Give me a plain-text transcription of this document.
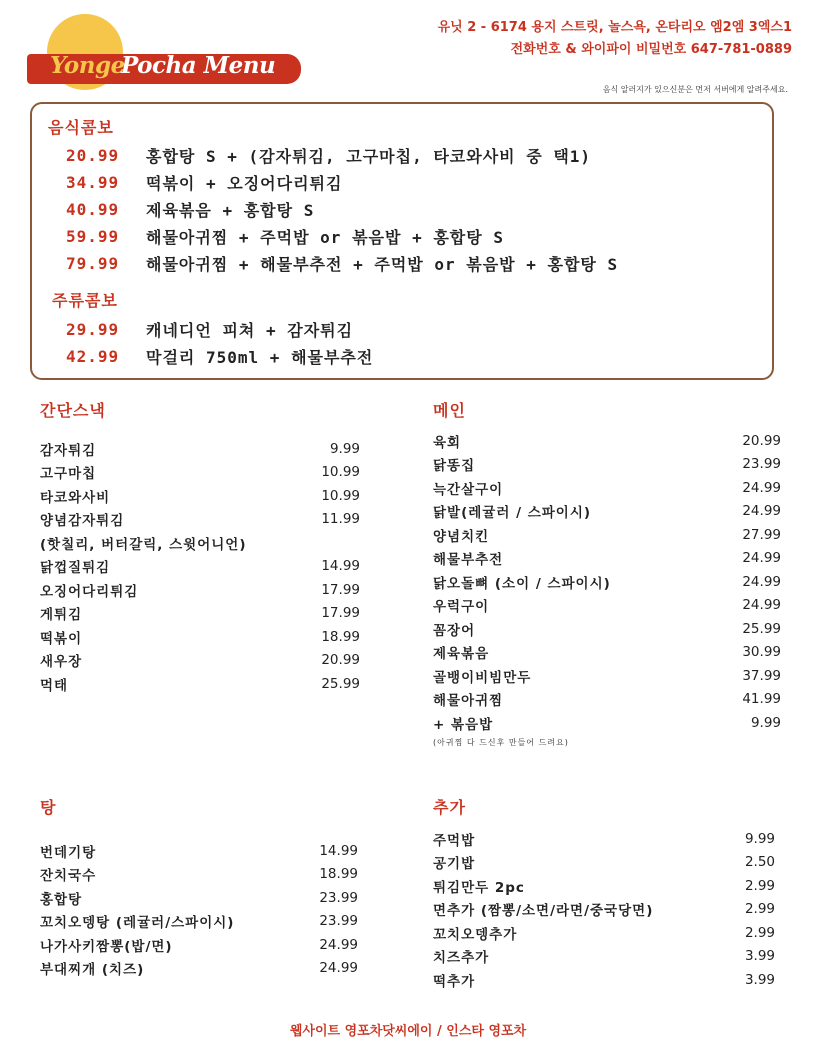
Yonge
Pocha Menu
유닛 2 - 6174 용지 스트릿, 놀스욕, 온타리오 엠2엠 3엑스1
전화번호 & 와이파이 비밀번호 647-781-0889
음식 알러지가 있으신분은 먼저 서버에게 알려주세요.
음식콤보
20.99	홍합탕 S + (감자튀김, 고구마칩, 타코와사비 중 택1)
34.99	떡볶이 + 오징어다리튀김
40.99	제육볶음 + 홍합탕 S
59.99	해물아귀찜 + 주먹밥 or 볶음밥 + 홍합탕 S
79.99	해물아귀찜 + 해물부추전 + 주먹밥 or 볶음밥 + 홍합탕 S
주류콤보
29.99	캐네디언 피쳐 + 감자튀김
42.99	막걸리 750ml + 해물부추전
간단스낵
감자튀김	9.99
고구마칩	10.99
타코와사비	10.99
양념감자튀김	11.99
(핫칠리, 버터갈릭, 스윗어니언)
닭껍질튀김	14.99
오징어다리튀김	17.99
게튀김	17.99
떡볶이	18.99
새우장	20.99
먹태	25.99
메인
육회	20.99
닭똥집	23.99
늑간살구이	24.99
닭발(레귤러 / 스파이시)	24.99
양념치킨	27.99
해물부추전	24.99
닭오돌뼈 (소이 / 스파이시)	24.99
우럭구이	24.99
꼼장어	25.99
제육볶음	30.99
골뱅이비빔만두	37.99
해물아귀찜	41.99
+ 볶음밥	9.99
(아귀찜 다 드신후 만들어 드려요)
탕
번데기탕	14.99
잔치국수	18.99
홍합탕	23.99
꼬치오뎅탕 (레귤러/스파이시)	23.99
나가사키짬뽕(밥/면)	24.99
부대찌개 (치즈)	24.99
추가
주먹밥	9.99
공기밥	2.50
튀김만두 2pc	2.99
면추가 (짬뽕/소면/라면/중국당면)	2.99
꼬치오뎅추가	2.99
치즈추가	3.99
떡추가	3.99
웹사이트 영포차닷씨에이 / 인스타 영포차
